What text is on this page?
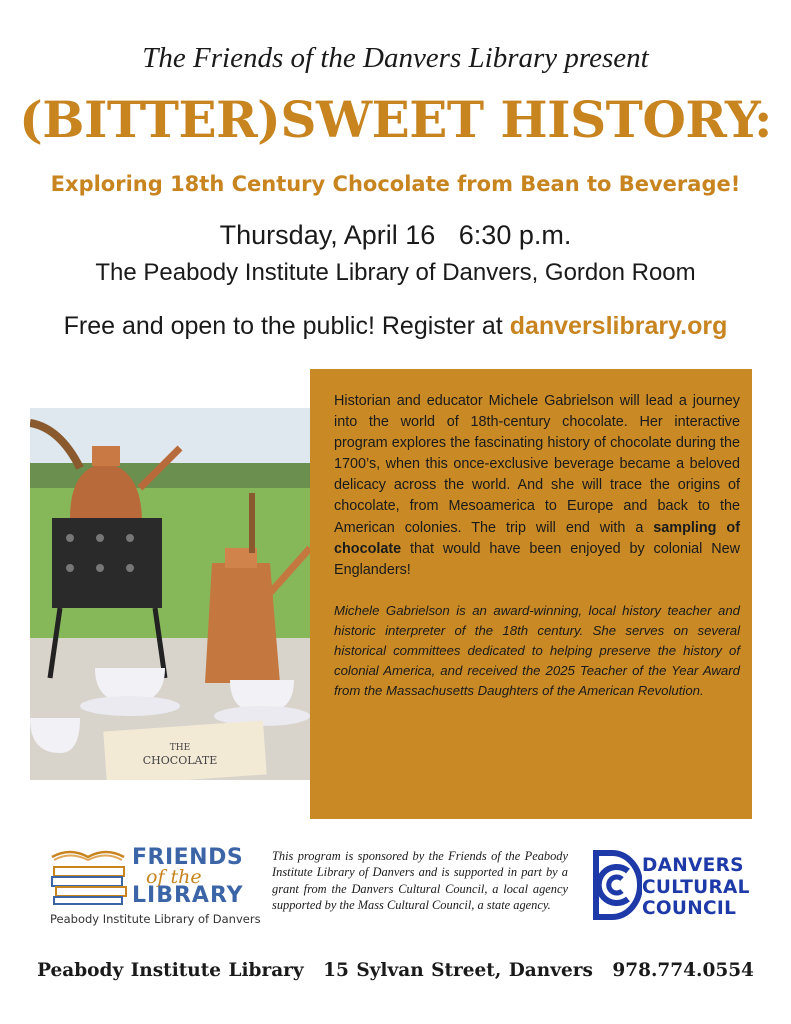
The Friends of the Danvers Library present
(BITTER)SWEET HISTORY:
Exploring 18th Century Chocolate from Bean to Beverage!
Thursday, April 16 6:30 p.m.
The Peabody Institute Library of Danvers, Gordon Room
Free and open to the public! Register at danverslibrary.org
THE
CHOCOLATE

Historian and educator Michele Gabrielson will lead a journey into the world of 18th-century chocolate. Her interactive program explores the fascinating history of chocolate during the 1700’s, when this once-exclusive beverage became a beloved delicacy across the world. And she will trace the origins of chocolate, from Mesoamerica to Europe and back to the American colonies. The trip will end with a sampling of chocolate that would have been enjoyed by colonial New Englanders!

Michele Gabrielson is an award-winning, local history teacher and historic interpreter of the 18th century. She serves on several historical committees dedicated to helping preserve the history of colonial America, and received the 2025 Teacher of the Year Award from the Massachusetts Daughters of the American Revolution.

FRIENDS
of the
LIBRARY
Peabody Institute Library of Danvers
This program is sponsored by the Friends of the Peabody Institute Library of Danvers and is supported in part by a grant from the Danvers Cultural Council, a local agency supported by the Mass Cultural Council, a state agency.
DANVERS
CULTURAL
COUNCIL
Peabody Institute Library 15 Sylvan Street, Danvers 978.774.0554
